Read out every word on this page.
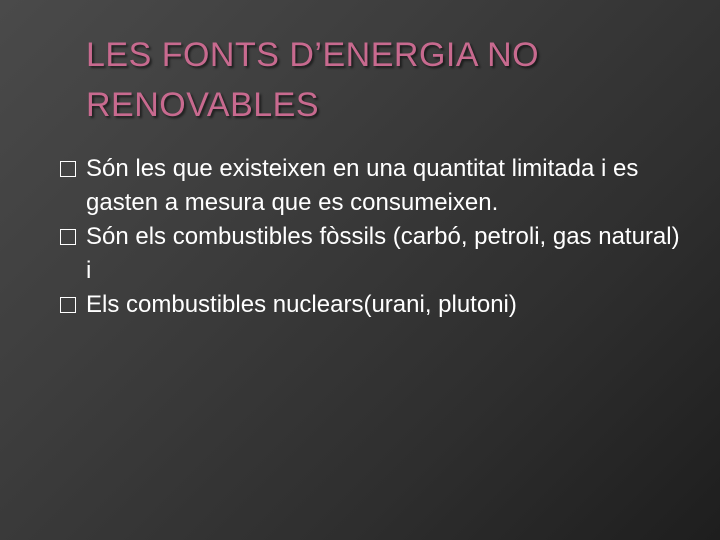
LES FONTS D’ENERGIA NO RENOVABLES
Són les que existeixen en una quantitat limitada i es gasten a mesura que es consumeixen.
Són els combustibles fòssils (carbó, petroli, gas natural) i
Els combustibles nuclears(urani, plutoni)
